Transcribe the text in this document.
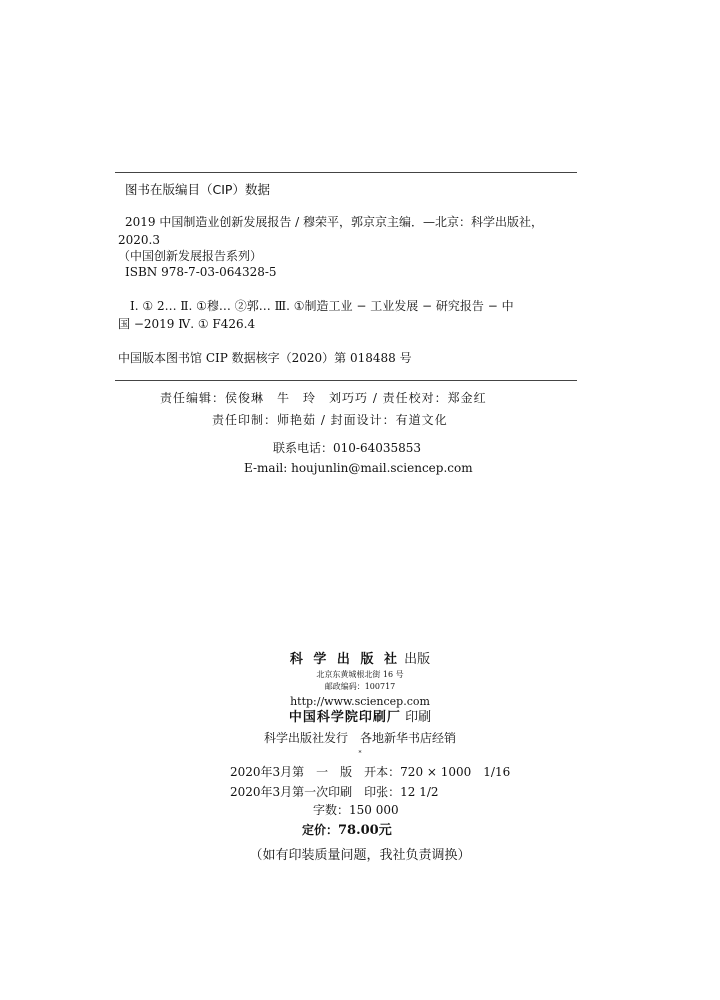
图书在版编目（CIP）数据
2019 中国制造业创新发展报告 / 穆荣平，郭京京主编．—北京：科学出版社，
2020.3
（中国创新发展报告系列）
ISBN 978-7-03-064328-5
Ⅰ. ① 2… Ⅱ. ①穆… ②郭… Ⅲ. ①制造工业 − 工业发展 − 研究报告 − 中
国 −2019 Ⅳ. ① F426.4
中国版本图书馆 CIP 数据核字（2020）第 018488 号
责任编辑：侯俊琳　牛　玲　刘巧巧 / 责任校对：郑金红
责任印制：师艳茹 / 封面设计：有道文化
联系电话：010-64035853
E-mail: houjunlin@mail.sciencep.com
科 学 出 版 社 出版
北京东黄城根北街 16 号
邮政编码：100717
http://www.sciencep.com
中国科学院印刷厂 印刷
科学出版社发行　各地新华书店经销
*
2020年3月第　一　版　开本：720 × 1000　1/16
2020年3月第一次印刷　印张：12 1/2
字数：150 000
定价：78.00元
（如有印装质量问题，我社负责调换）
